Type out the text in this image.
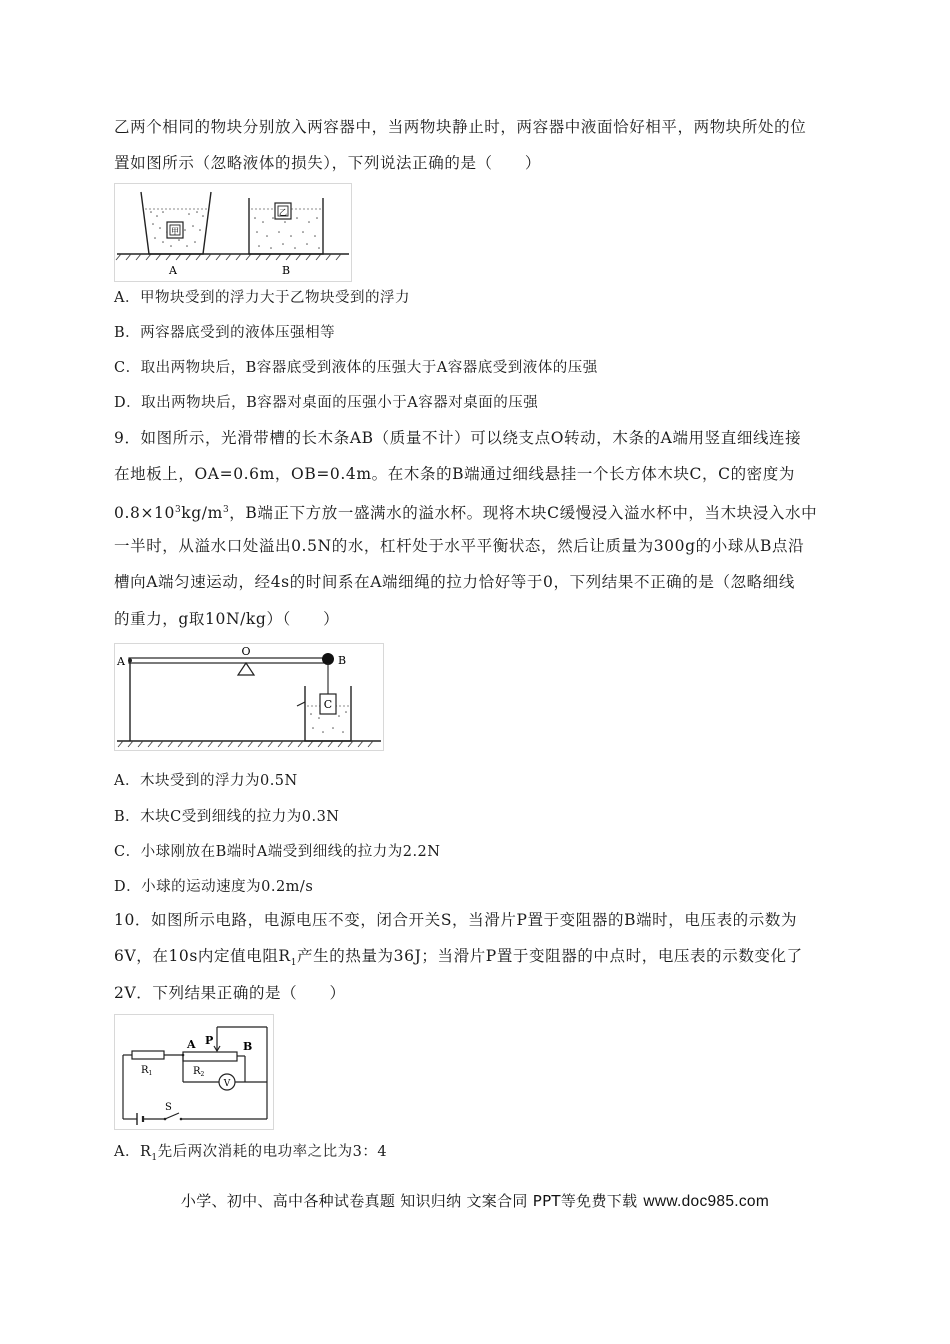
乙两个相同的物块分别放入两容器中，当两物块静止时，两容器中液面恰好相平，两物块所处的位
置如图所示（忽略液体的损失），下列说法正确的是（　　）
甲
A
乙
B
A．甲物块受到的浮力大于乙物块受到的浮力
B．两容器底受到的液体压强相等
C．取出两物块后，B容器底受到液体的压强大于A容器底受到液体的压强
D．取出两物块后，B容器对桌面的压强小于A容器对桌面的压强
9．如图所示，光滑带槽的长木条AB（质量不计）可以绕支点O转动，木条的A端用竖直细线连接
在地板上，OA=0.6m，OB=0.4m。在木条的B端通过细线悬挂一个长方体木块C，C的密度为
$0.8\times 10^3kg/m^3$，B端正下方放一盛满水的溢水杯。现将木块C缓慢浸入溢水杯中，当木块浸入水中
一半时，从溢水口处溢出0.5N的水，杠杆处于水平平衡状态，然后让质量为300g的小球从B点沿
槽向A端匀速运动，经4s的时间系在A端细绳的拉力恰好等于0，下列结果不正确的是（忽略细线
的重力，g取10N/kg）（　　）
C
A
O
B
A．木块受到的浮力为0.5N
B．木块C受到细线的拉力为0.3N
C．小球刚放在B端时A端受到细线的拉力为2.2N
D．小球的运动速度为0.2m/s
10．如图所示电路，电源电压不变，闭合开关S，当滑片P置于变阻器的B端时，电压表的示数为
6V，在10s内定值电阻$R_1$产生的热量为36J；当滑片P置于变阻器的中点时，电压表的示数变化了
2V．下列结果正确的是（　　）
$R_1$	$R_2$
A P	B
V
S
A．$R_1$先后两次消耗的电功率之比为3：4
小学、初中、高中各种试卷真题 知识归纳 文案合同 PPT等免费下载 www.doc985.com
